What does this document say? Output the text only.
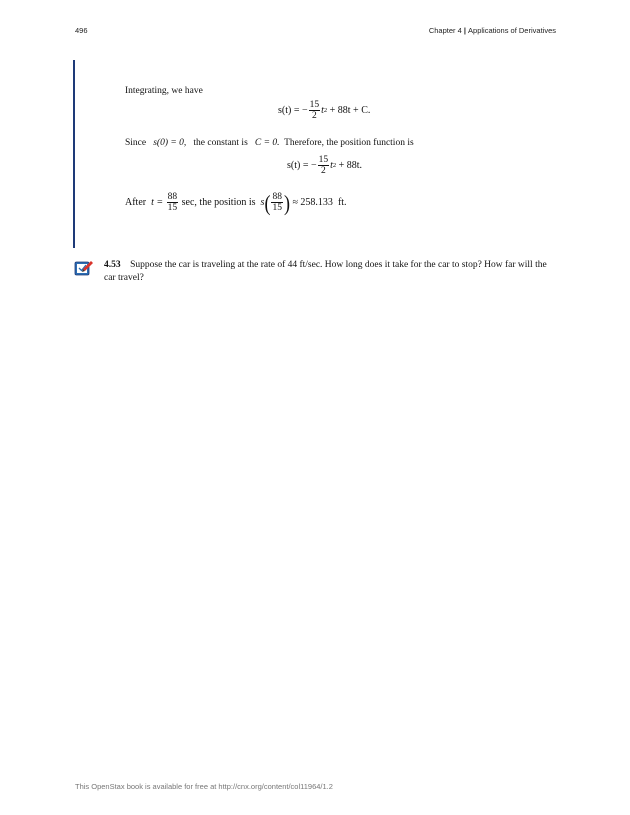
496	Chapter 4 | Applications of Derivatives
Integrating, we have
s(t) = − $\frac{15}{2}$ t 2
+ 88t + C.
Since s(0) = 0, the constant is C = 0. Therefore, the position function is
s(t) = − $\frac{15}{2}$ t 2
+ 88t.
After
t =
$\frac{88}{15}$
sec, the position is
s ( $\frac{88}{15}$ )
≈ 258.133
ft.
4.53 Suppose the car is traveling at the rate of 44 ft/sec. How long does it take for the car to stop? How far will the car travel?
This OpenStax book is available for free at http://cnx.org/content/col11964/1.2
